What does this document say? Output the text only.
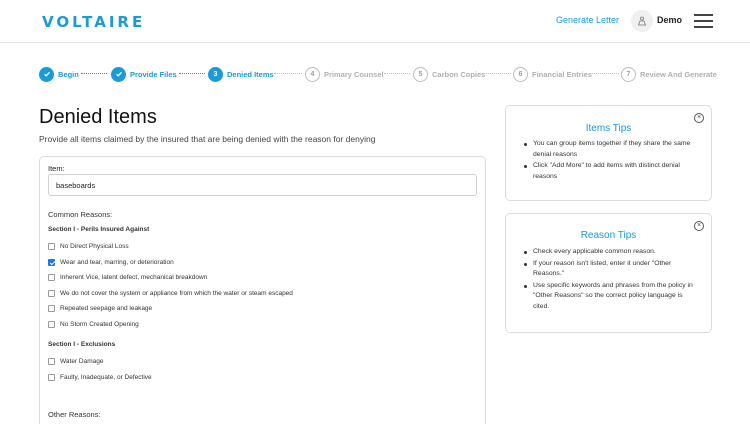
VOLTAIRE	Generate Letter	Demo
Begin	Provide Files	3	Denied Items	4	Primary Counsel	5	Carbon Copies	6	Financial Entries	7	Review And Generate
Denied Items

Provide all items claimed by the insured that are being denied with the reason for denying

Item:
baseboards
Common Reasons:
Section I - Perils Insured Against
No Direct Physical Loss
Wear and tear, marring, or deterioration
Inherent Vice, latent defect, mechanical breakdown
We do not cover the system or appliance from which the water or steam escaped
Repeated seepage and leakage
No Storm Created Opening
Section I - Exclusions
Water Damage
Faulty, Inadequate, or Defective
Other Reasons:
×
Items Tips
You can group items together if they share the same denial reasons
Click "Add More" to add items with distinct denial reasons
×
Reason Tips
Check every applicable common reason.
If your reason isn't listed, enter it under "Other Reasons."
Use specific keywords and phrases from the policy in "Other Reasons" so the correct policy language is cited.
